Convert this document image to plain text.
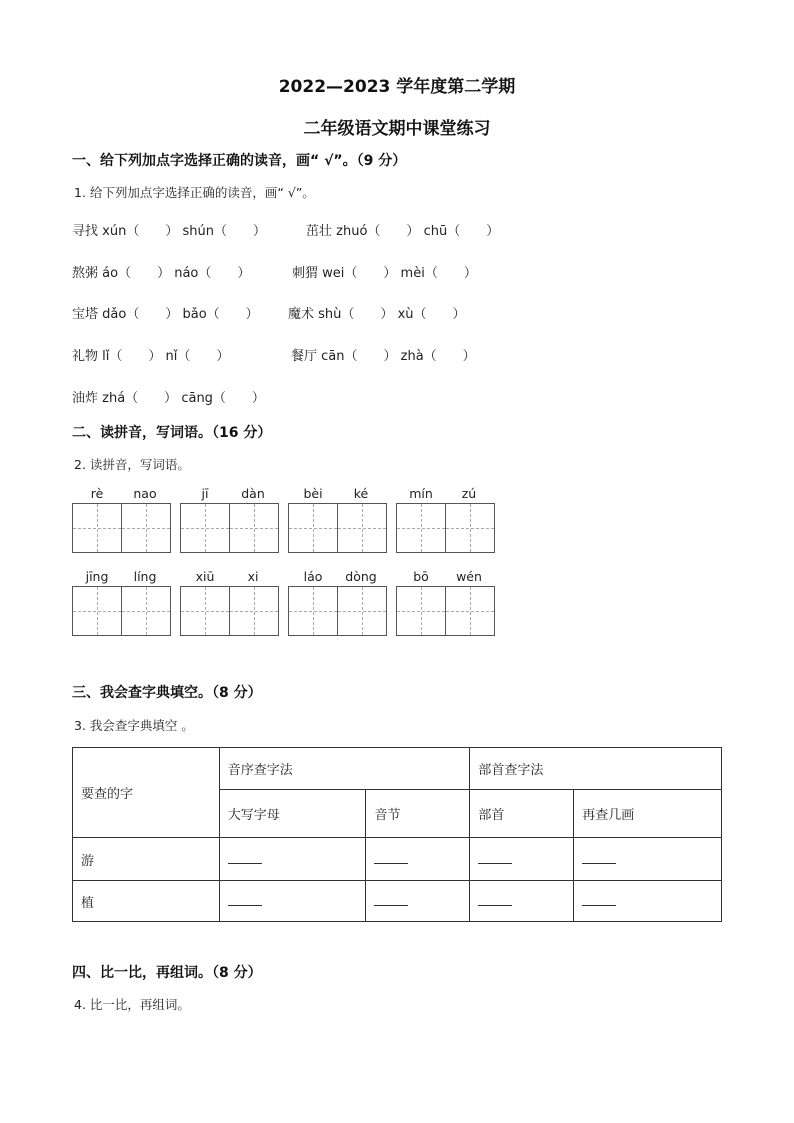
2022—2023 学年度第二学期
二年级语文期中课堂练习
一、给下列加点字选择正确的读音，画“ √”。（9 分）
1. 给下列加点字选择正确的读音，画“ √”。
寻找 xún（　　） shún（　　）	茁壮 zhuó（　　） chū（　　）
熬粥 áo（　　） náo（　　）	刺猬 wei（　　） mèi（　　）
宝塔 dǎo（　　） bǎo（　　） 魔术 shù（　　） xù（　　）
礼物 lǐ（　　） nǐ（　　）	餐厅 cān（　　） zhà（　　）
油炸 zhá（　　） cāng（　　）
二、读拼音，写词语。（16 分）
2. 读拼音，写词语。
rè	nao	jī	dàn	bèi	ké	mín	zú
jīng	líng	xiū	xi	láo	dòng	bō	wén
三、我会查字典填空。（8 分）
3. 我会查字典填空 。
要查的字	音序查字法		部首查字法	
	大写字母	音节	部首	再查几画
游				
植				
四、比一比，再组词。（8 分）
4. 比一比，再组词。
